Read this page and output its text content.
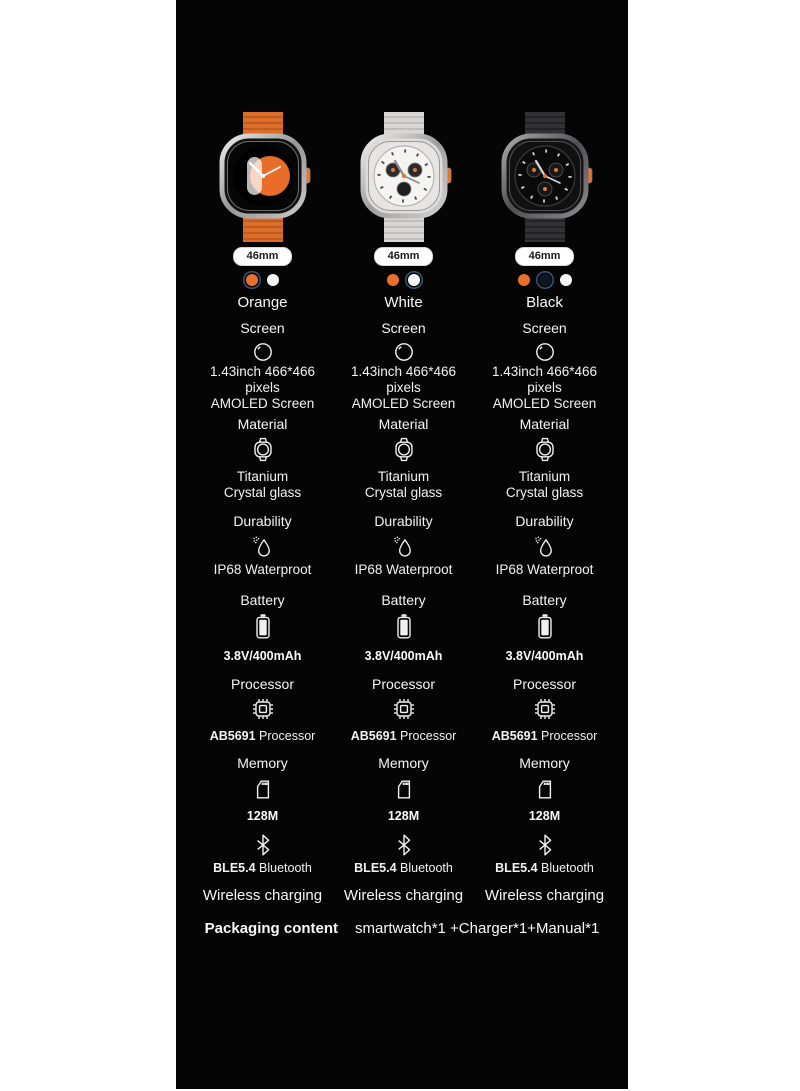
46mm
Orange
Screen
1.43inch 466*466 pixels
AMOLED Screen
Material
Titanium
Crystal glass
Durability
IP68 Waterproot
Battery
3.8V/400mAh
Processor
AB5691 Processor
Memory
128M
BLE5.4 Bluetooth
Wireless charging
46mm
White
Screen
1.43inch 466*466 pixels
AMOLED Screen
Material
Titanium
Crystal glass
Durability
IP68 Waterproot
Battery
3.8V/400mAh
Processor
AB5691 Processor
Memory
128M
BLE5.4 Bluetooth
Wireless charging
46mm
Black
Screen
1.43inch 466*466 pixels
AMOLED Screen
Material
Titanium
Crystal glass
Durability
IP68 Waterproot
Battery
3.8V/400mAh
Processor
AB5691 Processor
Memory
128M
BLE5.4 Bluetooth
Wireless charging
Packaging content smartwatch*1 +Charger*1+Manual*1
